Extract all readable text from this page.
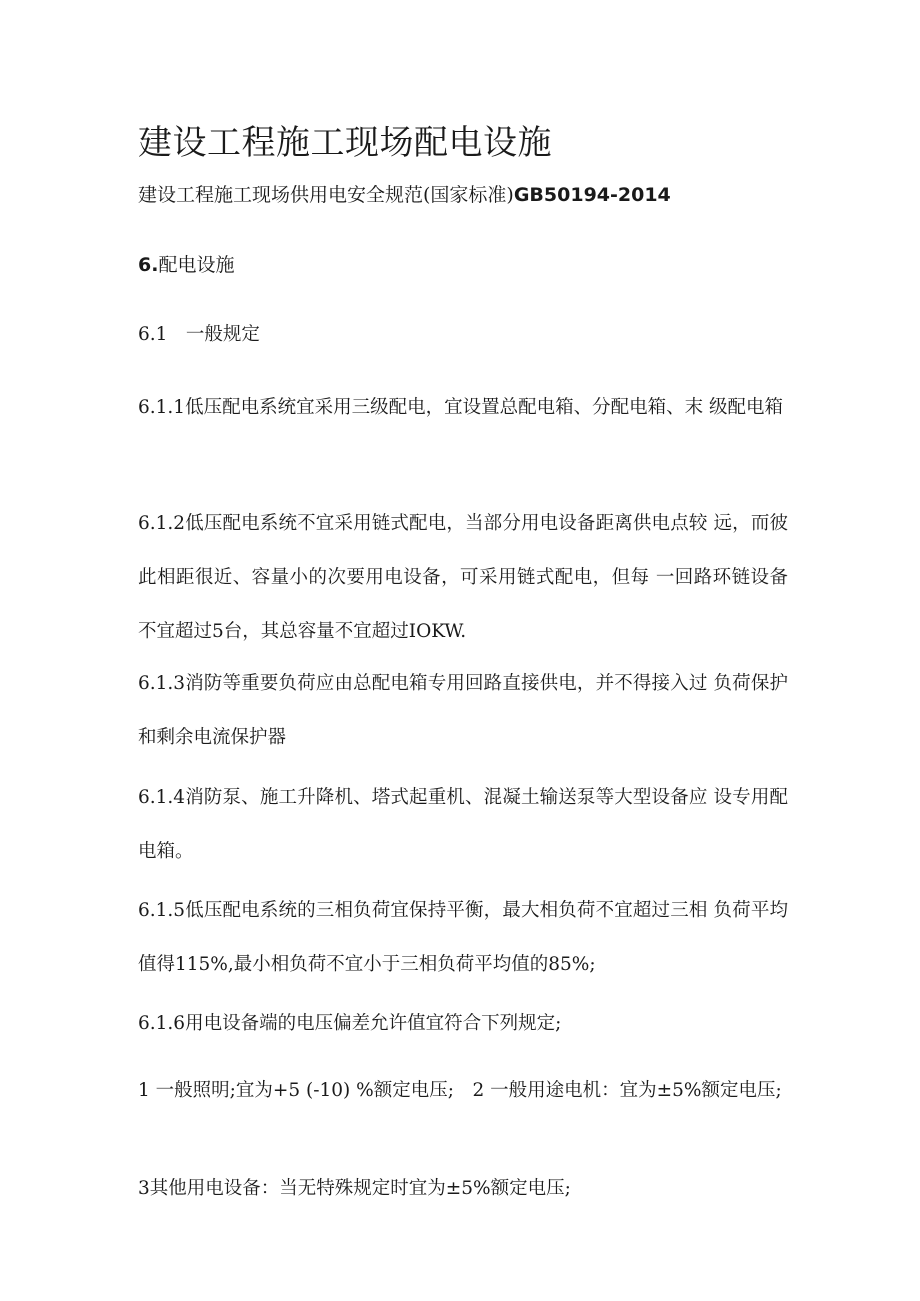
建设工程施工现场配电设施

建设工程施工现场供用电安全规范(国家标准)GB50194-2014

6.配电设施

6.1　一般规定

6.1.1低压配电系统宜采用三级配电，宜设置总配电箱、分配电箱、末 级配电箱

6.1.2低压配电系统不宜采用链式配电，当部分用电设备距离供电点较 远，而彼此相距很近、容量小的次要用电设备，可采用链式配电，但每 一回路环链设备不宜超过5台，其总容量不宜超过IOKW.

6.1.3消防等重要负荷应由总配电箱专用回路直接供电，并不得接入过 负荷保护和剩余电流保护器

6.1.4消防泵、施工升降机、塔式起重机、混凝土输送泵等大型设备应 设专用配电箱。

6.1.5低压配电系统的三相负荷宜保持平衡，最大相负荷不宜超过三相 负荷平均值得115%,最小相负荷不宜小于三相负荷平均值的85%;

6.1.6用电设备端的电压偏差允许值宜符合下列规定;

1 一般照明;宜为+5 (-10) %额定电压;　2 一般用途电机：宜为±5%额定电压;

3其他用电设备：当无特殊规定时宜为±5%额定电压;
